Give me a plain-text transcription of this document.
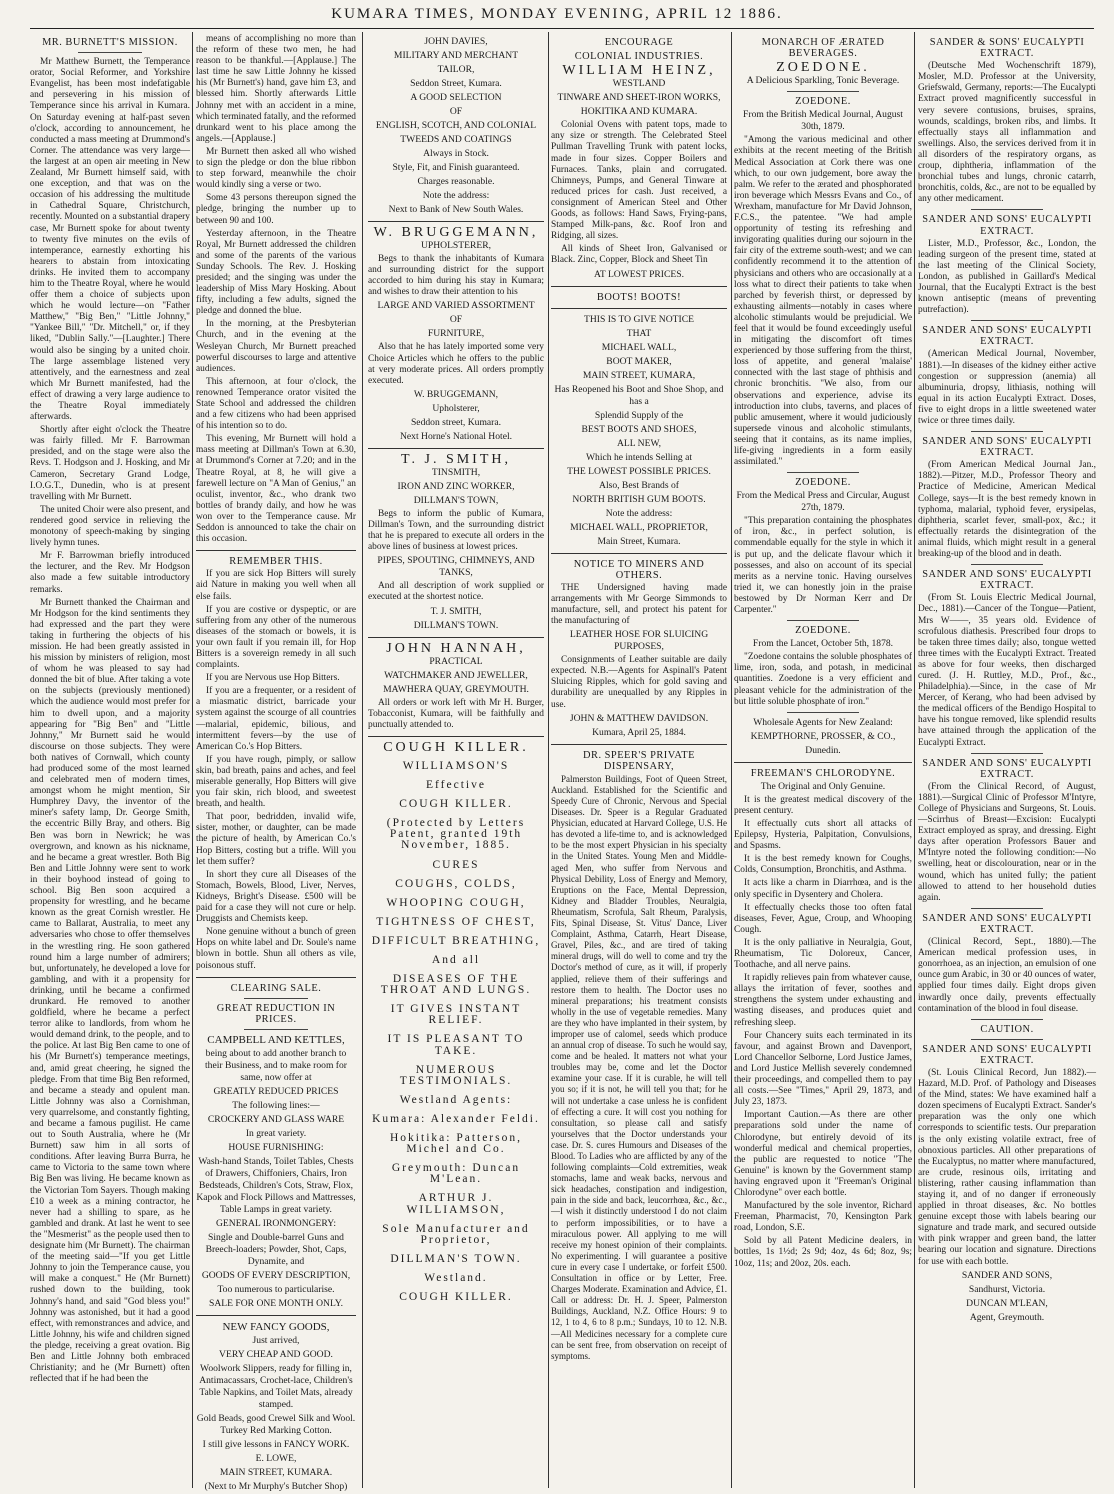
KUMARA TIMES, MONDAY EVENING, APRIL 12 1886.
MR. BURNETT'S MISSION.

Mr Matthew Burnett, the Temperance orator, Social Reformer, and Yorkshire Evangelist, has been most indefatigable and persevering in his mission of Temperance since his arrival in Kumara. On Saturday evening at half-past seven o'clock, according to announcement, he conducted a mass meeting at Drummond's Corner. The attendance was very large—the largest at an open air meeting in New Zealand, Mr Burnett himself said, with one exception, and that was on the occasion of his addressing the multitude in Cathedral Square, Christchurch, recently. Mounted on a substantial drapery case, Mr Burnett spoke for about twenty to twenty five minutes on the evils of intemperance, earnestly exhorting his hearers to abstain from intoxicating drinks. He invited them to accompany him to the Theatre Royal, where he would offer them a choice of subjects upon which he would lecture—on "Father Matthew," "Big Ben," "Little Johnny," "Yankee Bill," "Dr. Mitchell," or, if they liked, "Dublin Sally."—[Laughter.] There would also be singing by a united choir. The large assemblage listened very attentively, and the earnestness and zeal which Mr Burnett manifested, had the effect of drawing a very large audience to the Theatre Royal immediately afterwards.

Shortly after eight o'clock the Theatre was fairly filled. Mr F. Barrowman presided, and on the stage were also the Revs. T. Hodgson and J. Hosking, and Mr Cameron, Secretary Grand Lodge, I.O.G.T., Dunedin, who is at present travelling with Mr Burnett.

The united Choir were also present, and rendered good service in relieving the monotony of speech-making by singing lively hymn tunes.

Mr F. Barrowman briefly introduced the lecturer, and the Rev. Mr Hodgson also made a few suitable introductory remarks.

Mr Burnett thanked the Chairman and Mr Hodgson for the kind sentiments they had expressed and the part they were taking in furthering the objects of his mission. He had been greatly assisted in his mission by ministers of religion, most of whom he was pleased to say had donned the bit of blue. After taking a vote on the subjects (previously mentioned) which the audience would most prefer for him to dwell upon, and a majority appearing for "Big Ben" and "Little Johnny," Mr Burnett said he would discourse on those subjects. They were both natives of Cornwall, which county had produced some of the most learned and celebrated men of modern times, amongst whom he might mention, Sir Humphrey Davy, the inventor of the miner's safety lamp, Dr. George Smith, the eccentric Billy Bray, and others. Big Ben was born in Newrick; he was overgrown, and known as his nickname, and he became a great wrestler. Both Big Ben and Little Johnny were sent to work in their boyhood instead of going to school. Big Ben soon acquired a propensity for wrestling, and he became known as the great Cornish wrestler. He came to Ballarat, Australia, to meet any adversaries who chose to offer themselves in the wrestling ring. He soon gathered round him a large number of admirers; but, unfortunately, he developed a love for gambling, and with it a propensity for drinking, until he became a confirmed drunkard. He removed to another goldfield, where he became a perfect terror alike to landlords, from whom he would demand drink, to the people, and to the police. At last Big Ben came to one of his (Mr Burnett's) temperance meetings, and, amid great cheering, he signed the pledge. From that time Big Ben reformed, and became a steady and opulent man. Little Johnny was also a Cornishman, very quarrelsome, and constantly fighting, and became a famous pugilist. He came out to South Australia, where he (Mr Burnett) saw him in all sorts of conditions. After leaving Burra Burra, he came to Victoria to the same town where Big Ben was living. He became known as the Victorian Tom Sayers. Though making £10 a week as a mining contractor, he never had a shilling to spare, as he gambled and drank. At last he went to see the "Mesmerist" as the people used then to designate him (Mr Burnett). The chairman of the meeting said—"If you get Little Johnny to join the Temperance cause, you will make a conquest." He (Mr Burnett) rushed down to the building, took Johnny's hand, and said "God bless you!" Johnny was astonished, but it had a good effect, with remonstrances and advice, and Little Johnny, his wife and children signed the pledge, receiving a great ovation. Big Ben and Little Johnny both embraced Christianity; and he (Mr Burnett) often reflected that if he had been the

means of accomplishing no more than the reform of these two men, he had reason to be thankful.—[Applause.] The last time he saw Little Johnny he kissed his (Mr Burnett's) hand, gave him £3, and blessed him. Shortly afterwards Little Johnny met with an accident in a mine, which terminated fatally, and the reformed drunkard went to his place among the angels.—[Applause.]

Mr Burnett then asked all who wished to sign the pledge or don the blue ribbon to step forward, meanwhile the choir would kindly sing a verse or two.

Some 43 persons thereupon signed the pledge, bringing the number up to between 90 and 100.

Yesterday afternoon, in the Theatre Royal, Mr Burnett addressed the children and some of the parents of the various Sunday Schools. The Rev. J. Hosking presided; and the singing was under the leadership of Miss Mary Hosking. About fifty, including a few adults, signed the pledge and donned the blue.

In the morning, at the Presbyterian Church, and in the evening at the Wesleyan Church, Mr Burnett preached powerful discourses to large and attentive audiences.

This afternoon, at four o'clock, the renowned Temperance orator visited the State School and addressed the children and a few citizens who had been apprised of his intention so to do.

This evening, Mr Burnett will hold a mass meeting at Dillman's Town at 6.30, at Drummond's Corner at 7.20; and in the Theatre Royal, at 8, he will give a farewell lecture on "A Man of Genius," an oculist, inventor, &c., who drank two bottles of brandy daily, and how he was won over to the Temperance cause. Mr Seddon is announced to take the chair on this occasion.

REMEMBER THIS.

If you are sick Hop Bitters will surely aid Nature in making you well when all else fails.

If you are costive or dyspeptic, or are suffering from any other of the numerous diseases of the stomach or bowels, it is your own fault if you remain ill, for Hop Bitters is a sovereign remedy in all such complaints.

If you are Nervous use Hop Bitters.

If you are a frequenter, or a resident of a miasmatic district, barricade your system against the scourge of all countries—malarial, epidemic, bilious, and intermittent fevers—by the use of American Co.'s Hop Bitters.

If you have rough, pimply, or sallow skin, bad breath, pains and aches, and feel miserable generally, Hop Bitters will give you fair skin, rich blood, and sweetest breath, and health.

That poor, bedridden, invalid wife, sister, mother, or daughter, can be made the picture of health, by American Co.'s Hop Bitters, costing but a trifle. Will you let them suffer?

In short they cure all Diseases of the Stomach, Bowels, Blood, Liver, Nerves, Kidneys, Bright's Disease. £500 will be paid for a case they will not cure or help. Druggists and Chemists keep.

None genuine without a bunch of green Hops on white label and Dr. Soule's name blown in bottle. Shun all others as vile, poisonous stuff.

CLEARING SALE.
GREAT REDUCTION IN PRICES.
CAMPBELL AND KETTLES,
being about to add another branch to their Business, and to make room for same, now offer at
GREATLY REDUCED PRICES
The following lines:—
CROCKERY AND GLASS WARE
In great variety.
HOUSE FURNISHING:
Wash-hand Stands, Toilet Tables, Chests of Drawers, Chiffoniers, Chairs, Iron Bedsteads, Children's Cots, Straw, Flox, Kapok and Flock Pillows and Mattresses, Table Lamps in great variety.
GENERAL IRONMONGERY:
Single and Double-barrel Guns and Breech-loaders; Powder, Shot, Caps, Dynamite, and
GOODS OF EVERY DESCRIPTION,
Too numerous to particularise.
SALE FOR ONE MONTH ONLY.
NEW FANCY GOODS,
Just arrived,
VERY CHEAP AND GOOD.
Woolwork Slippers, ready for filling in, Antimacassars, Crochet-lace, Children's Table Napkins, and Toilet Mats, already stamped.
Gold Beads, good Crewel Silk and Wool. Turkey Red Marking Cotton.
I still give lessons in FANCY WORK.
E. LOWE,
MAIN STREET, KUMARA.
(Next to Mr Murphy's Butcher Shop)
JOHN DAVIES,
MILITARY AND MERCHANT
TAILOR,
Seddon Street, Kumara.
A GOOD SELECTION
OF
ENGLISH, SCOTCH, AND COLONIAL
TWEEDS AND COATINGS
Always in Stock.
Style, Fit, and Finish guaranteed.
Charges reasonable.
Note the address:
Next to Bank of New South Wales.
W. BRUGGEMANN,
UPHOLSTERER,

Begs to thank the inhabitants of Kumara and surrounding district for the support accorded to him during his stay in Kumara; and wishes to draw their attention to his

LARGE AND VARIED ASSORTMENT
OF
FURNITURE,

Also that he has lately imported some very Choice Articles which he offers to the public at very moderate prices. All orders promptly executed.

W. BRUGGEMANN,
Upholsterer,
Seddon street, Kumara.
Next Horne's National Hotel.
T. J. SMITH,
TINSMITH,
IRON AND ZINC WORKER,
DILLMAN'S TOWN,

Begs to inform the public of Kumara, Dillman's Town, and the surrounding district that he is prepared to execute all orders in the above lines of business at lowest prices.

PIPES, SPOUTING, CHIMNEYS, AND TANKS,

And all description of work supplied or executed at the shortest notice.

T. J. SMITH,
DILLMAN'S TOWN.
JOHN HANNAH,
PRACTICAL
WATCHMAKER AND JEWELLER,
MAWHERA QUAY, GREYMOUTH.

All orders or work left with Mr H. Burger, Tobacconist, Kumara, will be faithfully and punctually attended to.

COUGH KILLER.
WILLIAMSON'S
Effective
COUGH KILLER.
(Protected by Letters Patent, granted 19th November, 1885.
CURES
COUGHS, COLDS,
WHOOPING COUGH,
TIGHTNESS OF CHEST,
DIFFICULT BREATHING,
And all
DISEASES OF THE THROAT AND LUNGS.
IT GIVES INSTANT RELIEF.
IT IS PLEASANT TO TAKE.
NUMEROUS TESTIMONIALS.
Westland Agents:
Kumara: Alexander Feldi.
Hokitika: Patterson, Michel and Co.
Greymouth: Duncan M'Lean.
ARTHUR J. WILLIAMSON,
Sole Manufacturer and Proprietor,
DILLMAN'S TOWN.
Westland.
COUGH KILLER.
ENCOURAGE
COLONIAL INDUSTRIES.
WILLIAM HEINZ,
WESTLAND
TINWARE AND SHEET-IRON WORKS,
HOKITIKA AND KUMARA.

Colonial Ovens with patent tops, made to any size or strength. The Celebrated Steel Pullman Travelling Trunk with patent locks, made in four sizes. Copper Boilers and Furnaces. Tanks, plain and corrugated. Chimneys, Pumps, and General Tinware at reduced prices for cash. Just received, a consignment of American Steel and Other Goods, as follows: Hand Saws, Frying-pans, Stamped Milk-pans, &c. Roof Iron and Ridging, all sizes.

All kinds of Sheet Iron, Galvanised or Black. Zinc, Copper, Block and Sheet Tin

AT LOWEST PRICES.
BOOTS! BOOTS!
THIS IS TO GIVE NOTICE
THAT
MICHAEL WALL,
BOOT MAKER,
MAIN STREET, KUMARA,
Has Reopened his Boot and Shoe Shop, and has a
Splendid Supply of the
BEST BOOTS AND SHOES,
ALL NEW,
Which he intends Selling at
THE LOWEST POSSIBLE PRICES.
Also, Best Brands of
NORTH BRITISH GUM BOOTS.
Note the address:
MICHAEL WALL, PROPRIETOR,
Main Street, Kumara.
NOTICE TO MINERS AND OTHERS.

THE Undersigned having made arrangements with Mr George Simmonds to manufacture, sell, and protect his patent for the manufacturing of

LEATHER HOSE FOR SLUICING PURPOSES,

Consignments of Leather suitable are daily expected. N.B.—Agents for Aspinall's Patent Sluicing Ripples, which for gold saving and durability are unequalled by any Ripples in use.

JOHN & MATTHEW DAVIDSON.
Kumara, April 25, 1884.
DR. SPEER'S PRIVATE DISPENSARY,

Palmerston Buildings, Foot of Queen Street, Auckland. Established for the Scientific and Speedy Cure of Chronic, Nervous and Special Diseases. Dr. Speer is a Regular Graduated Physician, educated at Harvard College, U.S. He has devoted a life-time to, and is acknowledged to be the most expert Physician in his specialty in the United States. Young Men and Middle-aged Men, who suffer from Nervous and Physical Debility, Loss of Energy and Memory, Eruptions on the Face, Mental Depression, Kidney and Bladder Troubles, Neuralgia, Rheumatism, Scrofula, Salt Rheum, Paralysis, Fits, Spinal Disease, St. Vitus' Dance, Liver Complaint, Asthma, Catarrh, Heart Disease, Gravel, Piles, &c., and are tired of taking mineral drugs, will do well to come and try the Doctor's method of cure, as it will, if properly applied, relieve them of their sufferings and restore them to health. The Doctor uses no mineral preparations; his treatment consists wholly in the use of vegetable remedies. Many are they who have implanted in their system, by improper use of calomel, seeds which produce an annual crop of disease. To such he would say, come and be healed. It matters not what your troubles may be, come and let the Doctor examine your case. If it is curable, he will tell you so; if it is not, he will tell you that; for he will not undertake a case unless he is confident of effecting a cure. It will cost you nothing for consultation, so please call and satisfy yourselves that the Doctor understands your case. Dr. S. cures Humours and Diseases of the Blood. To Ladies who are afflicted by any of the following complaints—Cold extremities, weak stomachs, lame and weak backs, nervous and sick headaches, constipation and indigestion, pain in the side and back, leucorrhœa, &c., &c.,—I wish it distinctly understood I do not claim to perform impossibilities, or to have a miraculous power. All applying to me will receive my honest opinion of their complaints. No experimenting. I will guarantee a positive cure in every case I undertake, or forfeit £500. Consultation in office or by Letter, Free. Charges Moderate. Examination and Advice, £1. Call or address: Dr. H. J. Speer, Palmerston Buildings, Auckland, N.Z. Office Hours: 9 to 12, 1 to 4, 6 to 8 p.m.; Sundays, 10 to 12. N.B.—All Medicines necessary for a complete cure can be sent free, from observation on receipt of symptoms.

MONARCH OF ÆRATED BEVERAGES.
ZOEDONE.
A Delicious Sparkling, Tonic Beverage.
ZOEDONE.
From the British Medical Journal, August 30th, 1879.

"Among the various medicinal and other exhibits at the recent meeting of the British Medical Association at Cork there was one which, to our own judgement, bore away the palm. We refer to the ærated and phosphorated iron beverage which Messrs Evans and Co., of Wrexham, manufacture for Mr David Johnson, F.C.S., the patentee. "We had ample opportunity of testing its refreshing and invigorating qualities during our sojourn in the fair city of the extreme south-west; and we can confidently recommend it to the attention of physicians and others who are occasionally at a loss what to direct their patients to take when parched by feverish thirst, or depressed by exhausting ailments—notably in cases where alcoholic stimulants would be prejudicial. We feel that it would be found exceedingly useful in mitigating the discomfort oft times experienced by those suffering from the thirst, loss of appetite, and general 'malaise' connected with the last stage of phthisis and chronic bronchitis. "We also, from our observations and experience, advise its introduction into clubs, taverns, and places of public amusement, where it would judiciously supersede vinous and alcoholic stimulants, seeing that it contains, as its name implies, life-giving ingredients in a form easily assimilated."

ZOEDONE.
From the Medical Press and Circular, August 27th, 1879.

"This preparation containing the phosphates of iron, &c., in perfect solution, is commendable equally for the style in which it is put up, and the delicate flavour which it possesses, and also on account of its special merits as a nervine tonic. Having ourselves tried it, we can honestly join in the praise bestowed by Dr Norman Kerr and Dr Carpenter."

ZOEDONE.
From the Lancet, October 5th, 1878.

"Zoedone contains the soluble phosphates of lime, iron, soda, and potash, in medicinal quantities. Zoedone is a very efficient and pleasant vehicle for the administration of the but little soluble phosphate of iron."

Wholesale Agents for New Zealand:
KEMPTHORNE, PROSSER, & CO.,
Dunedin.
FREEMAN'S CHLORODYNE.
The Original and Only Genuine.

It is the greatest medical discovery of the present century.

It effectually cuts short all attacks of Epilepsy, Hysteria, Palpitation, Convulsions, and Spasms.

It is the best remedy known for Coughs, Colds, Consumption, Bronchitis, and Asthma.

It acts like a charm in Diarrhœa, and is the only specific in Dysentery and Cholera.

It effectually checks those too often fatal diseases, Fever, Ague, Croup, and Whooping Cough.

It is the only palliative in Neuralgia, Gout, Rheumatism, Tic Doloreux, Cancer, Toothache, and all nerve pains.

It rapidly relieves pain from whatever cause, allays the irritation of fever, soothes and strengthens the system under exhausting and wasting diseases, and produces quiet and refreshing sleep.

Four Chancery suits each terminated in its favour, and against Brown and Davenport, Lord Chancellor Selborne, Lord Justice James, and Lord Justice Mellish severely condemned their proceedings, and compelled them to pay all costs.—See "Times," April 29, 1873, and July 23, 1873.

Important Caution.—As there are other preparations sold under the name of Chlorodyne, but entirely devoid of its wonderful medical and chemical properties, the public are requested to notice "The Genuine" is known by the Government stamp having engraved upon it "Freeman's Original Chlorodyne" over each bottle.

Manufactured by the sole inventor, Richard Freeman, Pharmacist, 70, Kensington Park road, London, S.E.

Sold by all Patent Medicine dealers, in bottles, 1s 1½d; 2s 9d; 4oz, 4s 6d; 8oz, 9s; 10oz, 11s; and 20oz, 20s. each.

SANDER & SONS' EUCALYPTI EXTRACT.

(Deutsche Med Wochenschrift 1879), Mosler, M.D. Professor at the University, Griefswald, Germany, reports:—The Eucalypti Extract proved magnificently successful in very severe contusions, bruises, sprains, wounds, scaldings, broken ribs, and limbs. It effectually stays all inflammation and swellings. Also, the services derived from it in all disorders of the respiratory organs, as croup, diphtheria, inflammation of the bronchial tubes and lungs, chronic catarrh, bronchitis, colds, &c., are not to be equalled by any other medicament.

SANDER AND SONS' EUCALYPTI EXTRACT.

Lister, M.D., Professor, &c., London, the leading surgeon of the present time, stated at the last meeting of the Clinical Society, London, as published in Gaillard's Medical Journal, that the Eucalypti Extract is the best known antiseptic (means of preventing putrefaction).

SANDER AND SONS' EUCALYPTI EXTRACT.

(American Medical Journal, November, 1881).—In diseases of the kidney either active congestion or suppression (anemia) all albuminuria, dropsy, lithiasis, nothing will equal in its action Eucalypti Extract. Doses, five to eight drops in a little sweetened water twice or three times daily.

SANDER AND SONS' EUCALYPTI EXTRACT.

(From American Medical Journal Jan., 1882).—Pitzer, M.D., Professor Theory and Practice of Medicine, American Medical College, says—It is the best remedy known in typhoma, malarial, typhoid fever, erysipelas, diphtheria, scarlet fever, small-pox, &c.; it effectually retards the disintegration of the animal fluids, which might result in a general breaking-up of the blood and in death.

SANDER AND SONS' EUCALYPTI EXTRACT.

(From St. Louis Electric Medical Journal, Dec., 1881).—Cancer of the Tongue—Patient, Mrs W——, 35 years old. Evidence of scrofulous diathesis. Prescribed four drops to be taken three times daily; also, tongue wetted three times with the Eucalypti Extract. Treated as above for four weeks, then discharged cured. (J. H. Ruttley, M.D., Prof., &c., Philadelphia).—Since, in the case of Mr Mercer, of Kerang, who had been advised by the medical officers of the Bendigo Hospital to have his tongue removed, like splendid results have attained through the application of the Eucalypti Extract.

SANDER AND SONS' EUCALYPTI EXTRACT.

(From the Clinical Record, of August, 1881).—Surgical Clinic of Professor M'Intyre, College of Physicians and Surgeons, St. Louis.—Scirrhus of Breast—Excision: Eucalypti Extract employed as spray, and dressing. Eight days after operation Professors Bauer and M'Intyre noted the following condition:—No swelling, heat or discolouration, near or in the wound, which has united fully; the patient allowed to attend to her household duties again.

SANDER AND SONS' EUCALYPTI EXTRACT.

(Clinical Record, Sept., 1880).—The American medical profession uses, in gonorrhoea, as an injection, an emulsion of one ounce gum Arabic, in 30 or 40 ounces of water, applied four times daily. Eight drops given inwardly once daily, prevents effectually contamination of the blood in foul disease.

CAUTION.
SANDER AND SONS' EUCALYPTI EXTRACT.

(St. Louis Clinical Record, Jun 1882).—Hazard, M.D. Prof. of Pathology and Diseases of the Mind, states: We have examined half a dozen specimens of Eucalypti Extract. Sander's preparation was the only one which corresponds to scientific tests. Our preparation is the only existing volatile extract, free of obnoxious particles. All other preparations of the Eucalyptus, no matter where manufactured, are crude, resinous oils, irritating and blistering, rather causing inflammation than staying it, and of no danger if erroneously applied in throat diseases, &c. No bottles genuine except those with labels bearing our signature and trade mark, and secured outside with pink wrapper and green band, the latter bearing our location and signature. Directions for use with each bottle.

SANDER AND SONS,
Sandhurst, Victoria.
DUNCAN M'LEAN,
Agent, Greymouth.
